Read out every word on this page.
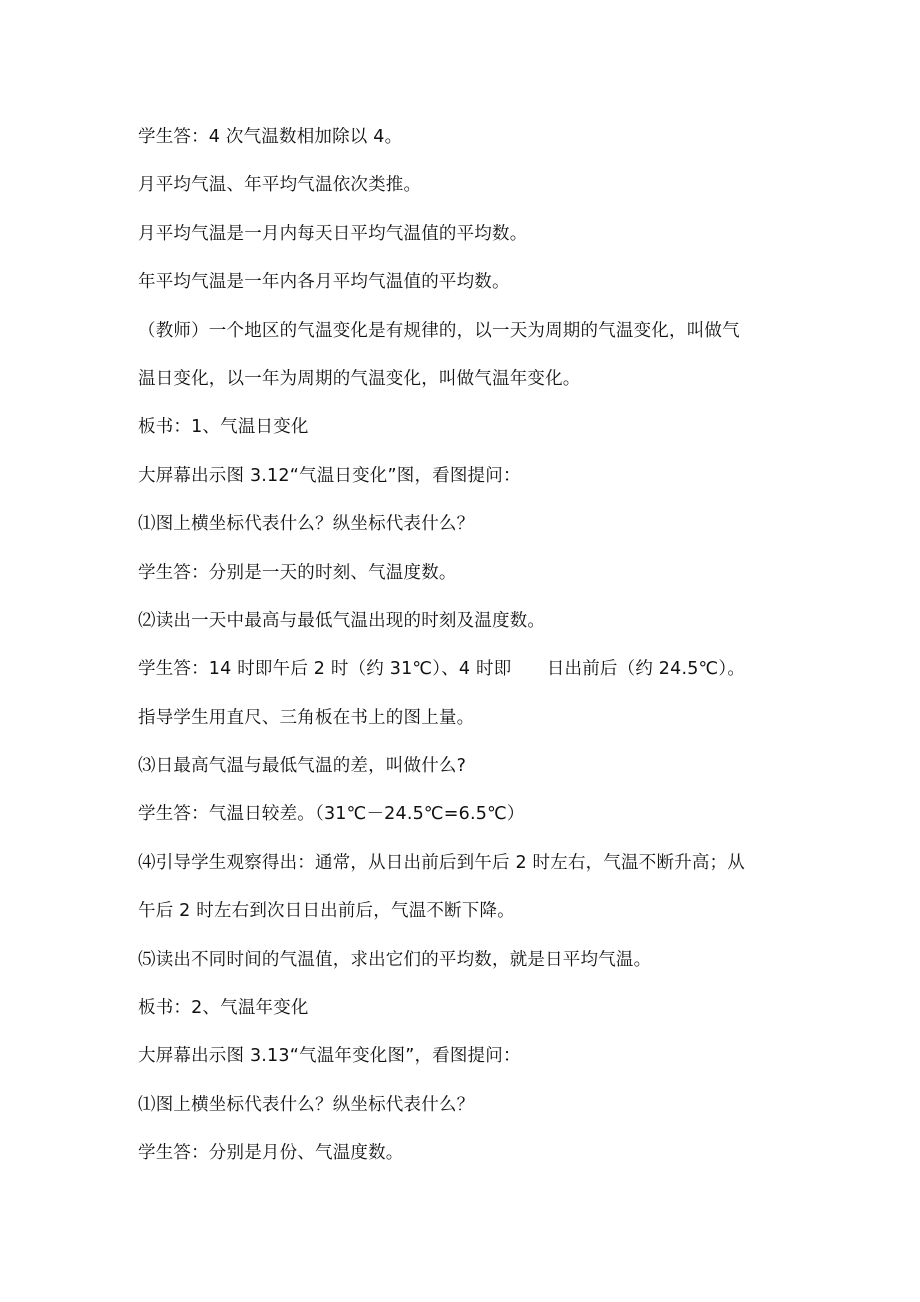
学生答：4 次气温数相加除以 4。
月平均气温、年平均气温依次类推。
月平均气温是一月内每天日平均气温值的平均数。
年平均气温是一年内各月平均气温值的平均数。
（教师）一个地区的气温变化是有规律的，以一天为周期的气温变化，叫做气
温日变化，以一年为周期的气温变化，叫做气温年变化。
板书：1、气温日变化
大屏幕出示图 3.12“气温日变化”图，看图提问：
⑴图上横坐标代表什么？纵坐标代表什么？
学生答：分别是一天的时刻、气温度数。
⑵读出一天中最高与最低气温出现的时刻及温度数。
学生答：14 时即午后 2 时（约 31℃）、4 时即　　日出前后（约 24.5℃）。
指导学生用直尺、三角板在书上的图上量。
⑶日最高气温与最低气温的差，叫做什么?
学生答：气温日较差。（31℃－24.5℃=6.5℃）
⑷引导学生观察得出：通常，从日出前后到午后 2 时左右，气温不断升高；从
午后 2 时左右到次日日出前后，气温不断下降。
⑸读出不同时间的气温值，求出它们的平均数，就是日平均气温。
板书：2、气温年变化
大屏幕出示图 3.13“气温年变化图”，看图提问：
⑴图上横坐标代表什么？纵坐标代表什么？
学生答：分别是月份、气温度数。
